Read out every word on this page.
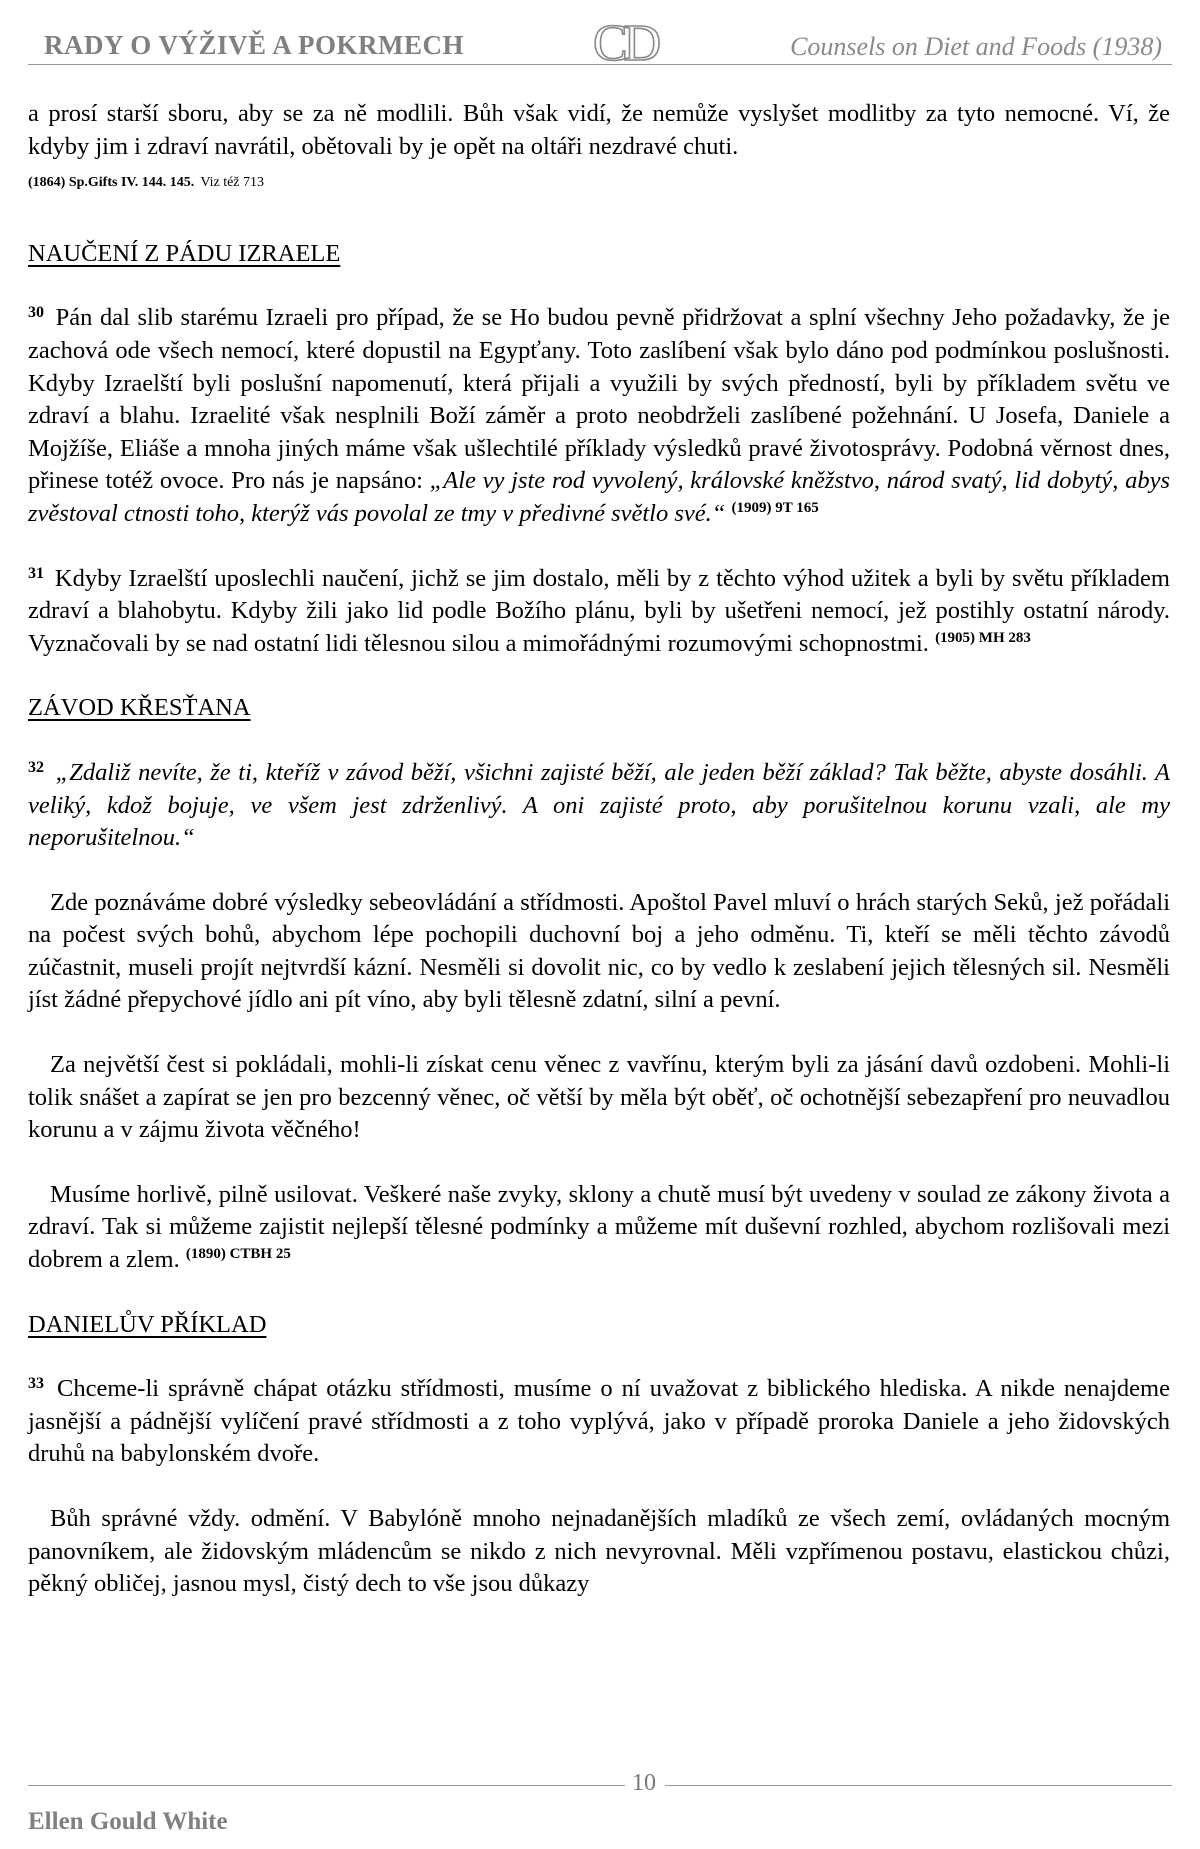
RADY O VÝŽIVĚ A POKRMECH CD	Counsels on Diet and Foods (1938)

a prosí starší sboru, aby se za ně modlili. Bůh však vidí, že nemůže vyslyšet modlitby za tyto nemocné. Ví, že kdyby jim i zdraví navrátil, obětovali by je opět na oltáři nezdravé chuti.
(1864) Sp.Gifts IV. 144. 145. Viz též 713

NAUČENÍ Z PÁDU IZRAELE

$^{30}$ Pán dal slib starému Izraeli pro případ, že se Ho budou pevně přidržovat a splní všechny Jeho požadavky, že je zachová ode všech nemocí, které dopustil na Egypťany. Toto zaslíbení však bylo dáno pod podmínkou poslušnosti. Kdyby Izraelští byli poslušní napomenutí, která přijali a využili by svých předností, byli by příkladem světu ve zdraví a blahu. Izraelité však nesplnili Boží záměr a proto neobdrželi zaslíbené požehnání. U Josefa, Daniele a Mojžíše, Eliáše a mnoha jiných máme však ušlechtilé příklady výsledků pravé životosprávy. Podobná věrnost dnes, přinese totéž ovoce. Pro nás je napsáno: „Ale vy jste rod vyvolený, královské kněžstvo, národ svatý, lid dobytý, abys zvěstoval ctnosti toho, kterýž vás povolal ze tmy v předivné světlo své.“ $^{(1909) 9T 165}$

$^{31}$ Kdyby Izraelští uposlechli naučení, jichž se jim dostalo, měli by z těchto výhod užitek a byli by světu příkladem zdraví a blahobytu. Kdyby žili jako lid podle Božího plánu, byli by ušetřeni nemocí, jež postihly ostatní národy. Vyznačovali by se nad ostatní lidi tělesnou silou a mimořádnými rozumovými schopnostmi. $^{(1905) MH 283}$

ZÁVOD KŘESŤANA

$^{32}$ „Zdaliž nevíte, že ti, kteříž v závod běží, všichni zajisté běží, ale jeden běží základ? Tak běžte, abyste dosáhli. A veliký, kdož bojuje, ve všem jest zdrženlivý. A oni zajisté proto, aby porušitelnou korunu vzali, ale my neporušitelnou.“

Zde poznáváme dobré výsledky sebeovládání a střídmosti. Apoštol Pavel mluví o hrách starých Seků, jež pořádali na počest svých bohů, abychom lépe pochopili duchovní boj a jeho odměnu. Ti, kteří se měli těchto závodů zúčastnit, museli projít nejtvrdší kázní. Nesměli si dovolit nic, co by vedlo k zeslabení jejich tělesných sil. Nesměli jíst žádné přepychové jídlo ani pít víno, aby byli tělesně zdatní, silní a pevní.

Za největší čest si pokládali, mohli-li získat cenu věnec z vavřínu, kterým byli za jásání davů ozdobeni. Mohli-li tolik snášet a zapírat se jen pro bezcenný věnec, oč větší by měla být oběť, oč ochotnější sebezapření pro neuvadlou korunu a v zájmu života věčného!

Musíme horlivě, pilně usilovat. Veškeré naše zvyky, sklony a chutě musí být uvedeny v soulad ze zákony života a zdraví. Tak si můžeme zajistit nejlepší tělesné podmínky a můžeme mít duševní rozhled, abychom rozlišovali mezi dobrem a zlem. $^{(1890) CTBH 25}$

DANIELŮV PŘÍKLAD

$^{33}$ Chceme-li správně chápat otázku střídmosti, musíme o ní uvažovat z biblického hlediska. A nikde nenajdeme jasnější a pádnější vylíčení pravé střídmosti a z toho vyplývá, jako v případě proroka Daniele a jeho židovských druhů na babylonském dvoře.

Bůh správné vždy. odmění. V Babylóně mnoho nejnadanějších mladíků ze všech zemí, ovládaných mocným panovníkem, ale židovským mládencům se nikdo z nich nevyrovnal. Měli vzpřímenou postavu, elastickou chůzi, pěkný obličej, jasnou mysl, čistý dech to vše jsou důkazy

10
Ellen Gould White
